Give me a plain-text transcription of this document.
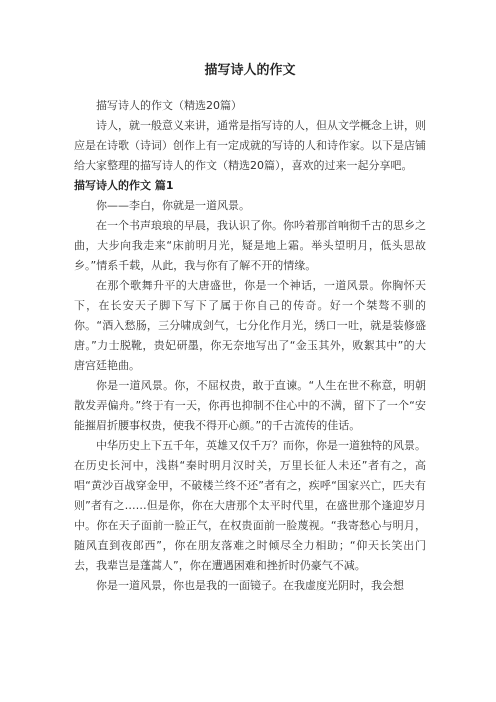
描写诗人的作文

描写诗人的作文（精选20篇）

诗人，就一般意义来讲，通常是指写诗的人，但从文学概念上讲，则应是在诗歌（诗词）创作上有一定成就的写诗的人和诗作家。以下是店铺给大家整理的描写诗人的作文（精选20篇），喜欢的过来一起分享吧。

描写诗人的作文 篇1

你——李白，你就是一道风景。

在一个书声琅琅的早晨，我认识了你。你吟着那首响彻千古的思乡之曲，大步向我走来“床前明月光，疑是地上霜。举头望明月，低头思故乡。”情系千载，从此，我与你有了解不开的情缘。

在那个歌舞升平的大唐盛世，你是一个神话，一道风景。你胸怀天下，在长安天子脚下写下了属于你自己的传奇。好一个桀骜不驯的你。“酒入愁肠，三分啸成剑气，七分化作月光，绣口一吐，就是装修盛唐。”力士脱靴，贵妃研墨，你无奈地写出了“金玉其外，败絮其中”的大唐宫廷艳曲。

你是一道风景。你，不屈权贵，敢于直谏。“人生在世不称意，明朝散发弄偏舟。”终于有一天，你再也抑制不住心中的不满，留下了一个“安能摧眉折腰事权贵，使我不得开心颜。”的千古流传的佳话。

中华历史上下五千年，英雄又仅千万？而你，你是一道独特的风景。在历史长河中，浅斟“秦时明月汉时关，万里长征人未还”者有之，高唱“黄沙百战穿金甲，不破楼兰终不还”者有之，疾呼“国家兴亡，匹夫有则”者有之……但是你，你在大唐那个太平时代里，在盛世那个逢迎岁月中。你在天子面前一脸正气，在权贵面前一脸蔑视。“我寄愁心与明月，随风直到夜郎西”，你在朋友落难之时倾尽全力相助；“仰天长笑出门去，我辈岂是蓬蒿人”，你在遭遇困难和挫折时仍豪气不减。

你是一道风景，你也是我的一面镜子。在我虚度光阴时，我会想
